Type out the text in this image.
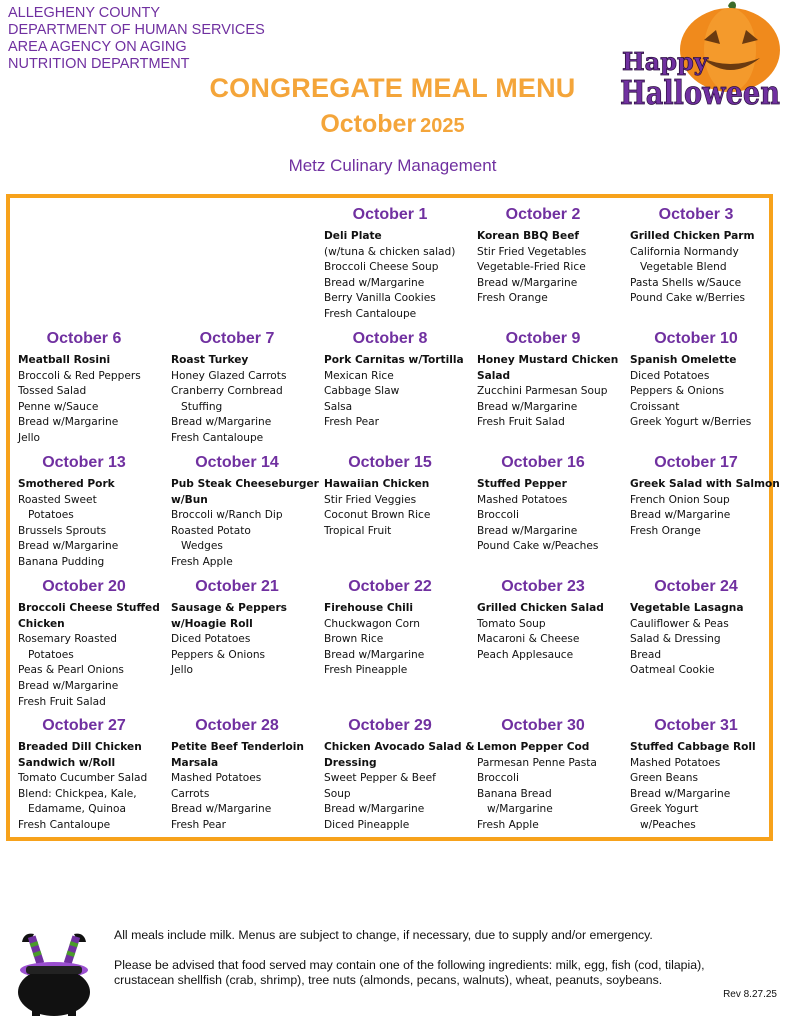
ALLEGHENY COUNTY
DEPARTMENT OF HUMAN SERVICES
AREA AGENCY ON AGING
NUTRITION DEPARTMENT
CONGREGATE MEAL MENU
October 2025
Metz Culinary Management
Happy
Halloween
October 1
Deli Plate
(w/tuna & chicken salad)
Broccoli Cheese Soup
Bread w/Margarine
Berry Vanilla Cookies
Fresh Cantaloupe
October 2
Korean BBQ Beef
Stir Fried Vegetables
Vegetable-Fried Rice
Bread w/Margarine
Fresh Orange
October 3
Grilled Chicken Parm
California Normandy
Vegetable Blend
Pasta Shells w/Sauce
Pound Cake w/Berries
October 6
Meatball Rosini
Broccoli & Red Peppers
Tossed Salad
Penne w/Sauce
Bread w/Margarine
Jello
October 7
Roast Turkey
Honey Glazed Carrots
Cranberry Cornbread
Stuffing
Bread w/Margarine
Fresh Cantaloupe
October 8
Pork Carnitas w/Tortilla
Mexican Rice
Cabbage Slaw
Salsa
Fresh Pear
October 9
Honey Mustard Chicken
Salad
Zucchini Parmesan Soup
Bread w/Margarine
Fresh Fruit Salad
October 10
Spanish Omelette
Diced Potatoes
Peppers & Onions
Croissant
Greek Yogurt w/Berries
October 13
Smothered Pork
Roasted Sweet
Potatoes
Brussels Sprouts
Bread w/Margarine
Banana Pudding
October 14
Pub Steak Cheeseburger
w/Bun
Broccoli w/Ranch Dip
Roasted Potato
Wedges
Fresh Apple
October 15
Hawaiian Chicken
Stir Fried Veggies
Coconut Brown Rice
Tropical Fruit
October 16
Stuffed Pepper
Mashed Potatoes
Broccoli
Bread w/Margarine
Pound Cake w/Peaches
October 17
Greek Salad with Salmon
French Onion Soup
Bread w/Margarine
Fresh Orange
October 20
Broccoli Cheese Stuffed
Chicken
Rosemary Roasted
Potatoes
Peas & Pearl Onions
Bread w/Margarine
Fresh Fruit Salad
October 21
Sausage & Peppers
w/Hoagie Roll
Diced Potatoes
Peppers & Onions
Jello
October 22
Firehouse Chili
Chuckwagon Corn
Brown Rice
Bread w/Margarine
Fresh Pineapple
October 23
Grilled Chicken Salad
Tomato Soup
Macaroni & Cheese
Peach Applesauce
October 24
Vegetable Lasagna
Cauliflower & Peas
Salad & Dressing
Bread
Oatmeal Cookie
October 27
Breaded Dill Chicken
Sandwich w/Roll
Tomato Cucumber Salad
Blend: Chickpea, Kale,
Edamame, Quinoa
Fresh Cantaloupe
October 28
Petite Beef Tenderloin
Marsala
Mashed Potatoes
Carrots
Bread w/Margarine
Fresh Pear
October 29
Chicken Avocado Salad &
Dressing
Sweet Pepper & Beef
Soup
Bread w/Margarine
Diced Pineapple
October 30
Lemon Pepper Cod
Parmesan Penne Pasta
Broccoli
Banana Bread
w/Margarine
Fresh Apple
October 31
Stuffed Cabbage Roll
Mashed Potatoes
Green Beans
Bread w/Margarine
Greek Yogurt
w/Peaches
All meals include milk. Menus are subject to change, if necessary, due to supply and/or emergency.
Please be advised that food served may contain one of the following ingredients: milk, egg, fish (cod, tilapia),
crustacean shellfish (crab, shrimp), tree nuts (almonds, pecans, walnuts), wheat, peanuts, soybeans.
Rev 8.27.25
